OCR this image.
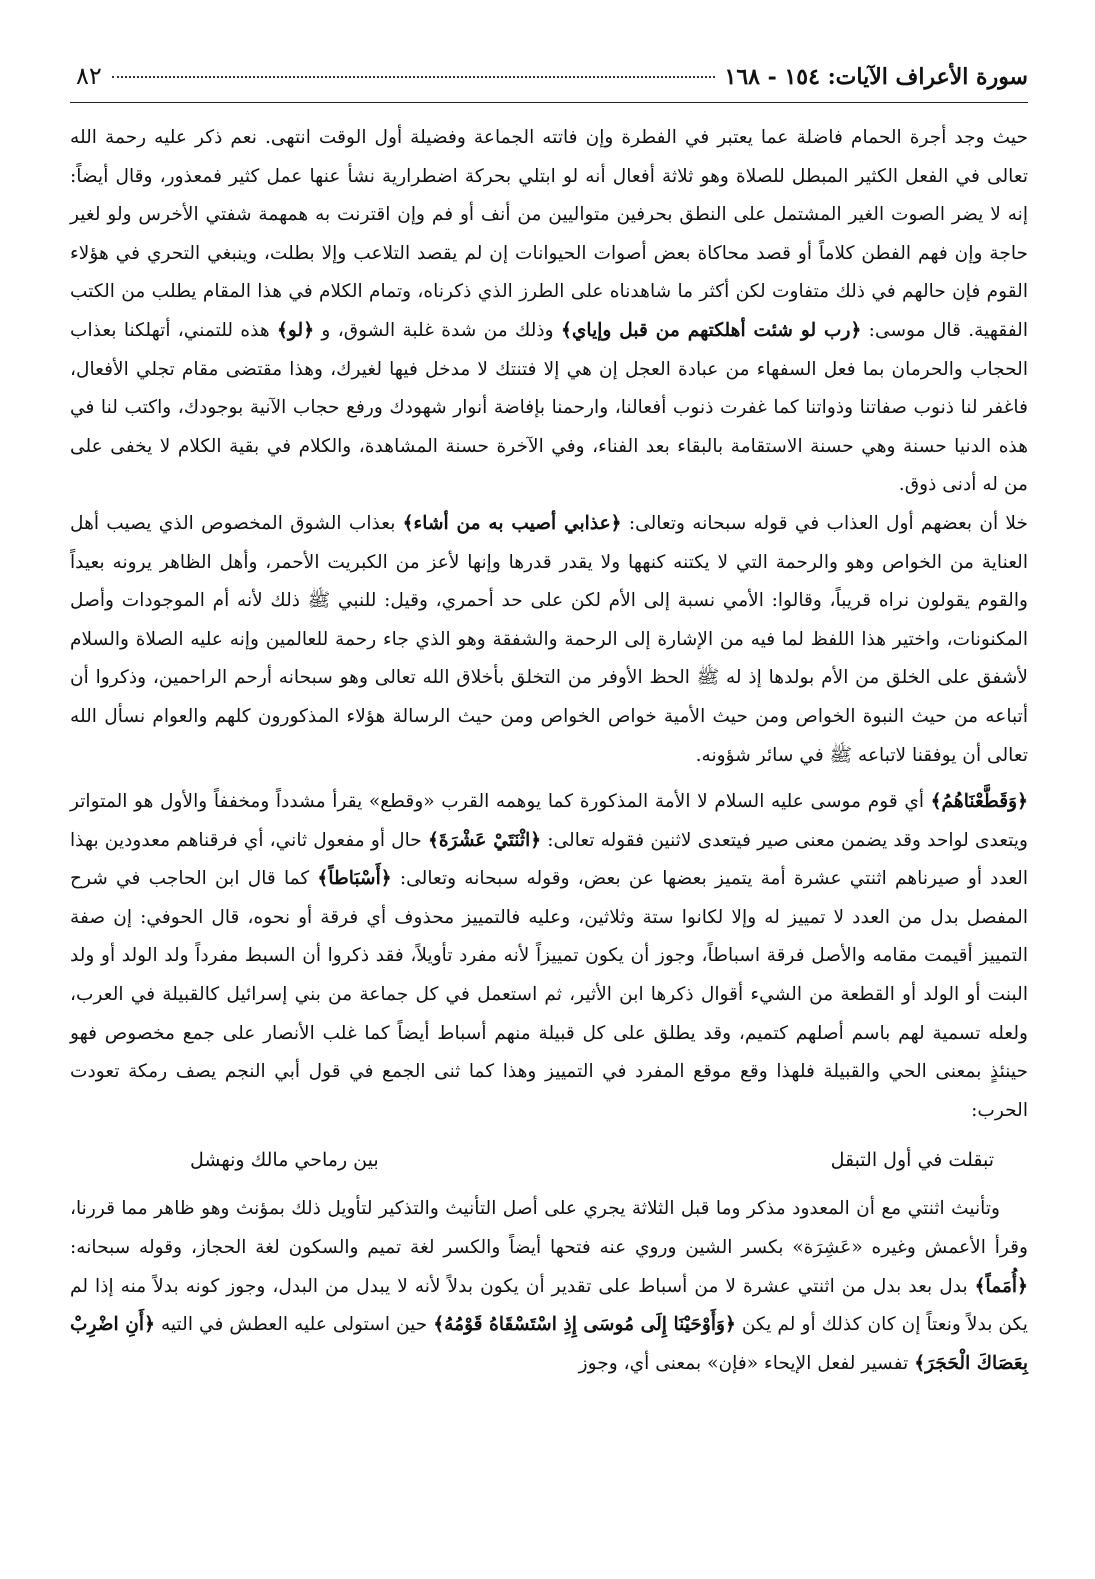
سورة الأعراف الآيات: ١٥٤ - ١٦٨
٨٢

حيث وجد أجرة الحمام فاضلة عما يعتبر في الفطرة وإن فاتته الجماعة وفضيلة أول الوقت انتهى. نعم ذكر عليه رحمة الله تعالى في الفعل الكثير المبطل للصلاة وهو ثلاثة أفعال أنه لو ابتلي بحركة اضطرارية نشأ عنها عمل كثير فمعذور، وقال أيضاً: إنه لا يضر الصوت الغير المشتمل على النطق بحرفين متواليين من أنف أو فم وإن اقترنت به همهمة شفتي الأخرس ولو لغير حاجة وإن فهم الفطن كلاماً أو قصد محاكاة بعض أصوات الحيوانات إن لم يقصد التلاعب وإلا بطلت، وينبغي التحري في هؤلاء القوم فإن حالهم في ذلك متفاوت لكن أكثر ما شاهدناه على الطرز الذي ذكرناه، وتمام الكلام في هذا المقام يطلب من الكتب الفقهية. قال موسى: ﴿رب لو شئت أهلكتهم من قبل وإياي﴾ وذلك من شدة غلبة الشوق، و ﴿لو﴾ هذه للتمني، أتهلكنا بعذاب الحجاب والحرمان بما فعل السفهاء من عبادة العجل إن هي إلا فتنتك لا مدخل فيها لغيرك، وهذا مقتضى مقام تجلي الأفعال، فاغفر لنا ذنوب صفاتنا وذواتنا كما غفرت ذنوب أفعالنا، وارحمنا بإفاضة أنوار شهودك ورفع حجاب الآنية بوجودك، واكتب لنا في هذه الدنيا حسنة وهي حسنة الاستقامة بالبقاء بعد الفناء، وفي الآخرة حسنة المشاهدة، والكلام في بقية الكلام لا يخفى على من له أدنى ذوق.

خلا أن بعضهم أول العذاب في قوله سبحانه وتعالى: ﴿عذابي أصيب به من أشاء﴾ بعذاب الشوق المخصوص الذي يصيب أهل العناية من الخواص وهو والرحمة التي لا يكتنه كنهها ولا يقدر قدرها وإنها لأعز من الكبريت الأحمر، وأهل الظاهر يرونه بعيداً والقوم يقولون نراه قريباً، وقالوا: الأمي نسبة إلى الأم لكن على حد أحمري، وقيل: للنبي ﷺ ذلك لأنه أم الموجودات وأصل المكنونات، واختير هذا اللفظ لما فيه من الإشارة إلى الرحمة والشفقة وهو الذي جاء رحمة للعالمين وإنه عليه الصلاة والسلام لأشفق على الخلق من الأم بولدها إذ له ﷺ الحظ الأوفر من التخلق بأخلاق الله تعالى وهو سبحانه أرحم الراحمين، وذكروا أن أتباعه من حيث النبوة الخواص ومن حيث الأمية خواص الخواص ومن حيث الرسالة هؤلاء المذكورون كلهم والعوام نسأل الله تعالى أن يوفقنا لاتباعه ﷺ في سائر شؤونه.

﴿وَقَطَّعْنَاهُمُ﴾ أي قوم موسى عليه السلام لا الأمة المذكورة كما يوهمه القرب «وقطع» يقرأ مشدداً ومخففاً والأول هو المتواتر ويتعدى لواحد وقد يضمن معنى صير فيتعدى لاثنين فقوله تعالى: ﴿اثْنَتَيْ عَشْرَةَ﴾ حال أو مفعول ثاني، أي فرقناهم معدودين بهذا العدد أو صيرناهم اثنتي عشرة أمة يتميز بعضها عن بعض، وقوله سبحانه وتعالى: ﴿أَسْبَاطاً﴾ كما قال ابن الحاجب في شرح المفصل بدل من العدد لا تمييز له وإلا لكانوا ستة وثلاثين، وعليه فالتمييز محذوف أي فرقة أو نحوه، قال الحوفي: إن صفة التمييز أقيمت مقامه والأصل فرقة اسباطاً، وجوز أن يكون تمييزاً لأنه مفرد تأويلاً، فقد ذكروا أن السبط مفرداً ولد الولد أو ولد البنت أو الولد أو القطعة من الشيء أقوال ذكرها ابن الأثير، ثم استعمل في كل جماعة من بني إسرائيل كالقبيلة في العرب، ولعله تسمية لهم باسم أصلهم كتميم، وقد يطلق على كل قبيلة منهم أسباط أيضاً كما غلب الأنصار على جمع مخصوص فهو حينئذٍ بمعنى الحي والقبيلة فلهذا وقع موقع المفرد في التمييز وهذا كما ثنى الجمع في قول أبي النجم يصف رمكة تعودت الحرب:

تبقلت في أول التبقل
بين رماحي مالك ونهشل

وتأنيث اثنتي مع أن المعدود مذكر وما قبل الثلاثة يجري على أصل التأنيث والتذكير لتأويل ذلك بمؤنث وهو ظاهر مما قررنا، وقرأ الأعمش وغيره «عَشِرَة» بكسر الشين وروي عنه فتحها أيضاً والكسر لغة تميم والسكون لغة الحجاز، وقوله سبحانه: ﴿أُمَماً﴾ بدل بعد بدل من اثنتي عشرة لا من أسباط على تقدير أن يكون بدلاً لأنه لا يبدل من البدل، وجوز كونه بدلاً منه إذا لم يكن بدلاً ونعتاً إن كان كذلك أو لم يكن ﴿وَأَوْحَيْنَا إِلَى مُوسَى إِذِ اسْتَسْقَاهُ قَوْمُهُ﴾ حين استولى عليه العطش في التيه ﴿أَنِ اضْرِبْ بِعَصَاكَ الْحَجَرَ﴾ تفسير لفعل الإيحاء «فإن» بمعنى أي، وجوز
